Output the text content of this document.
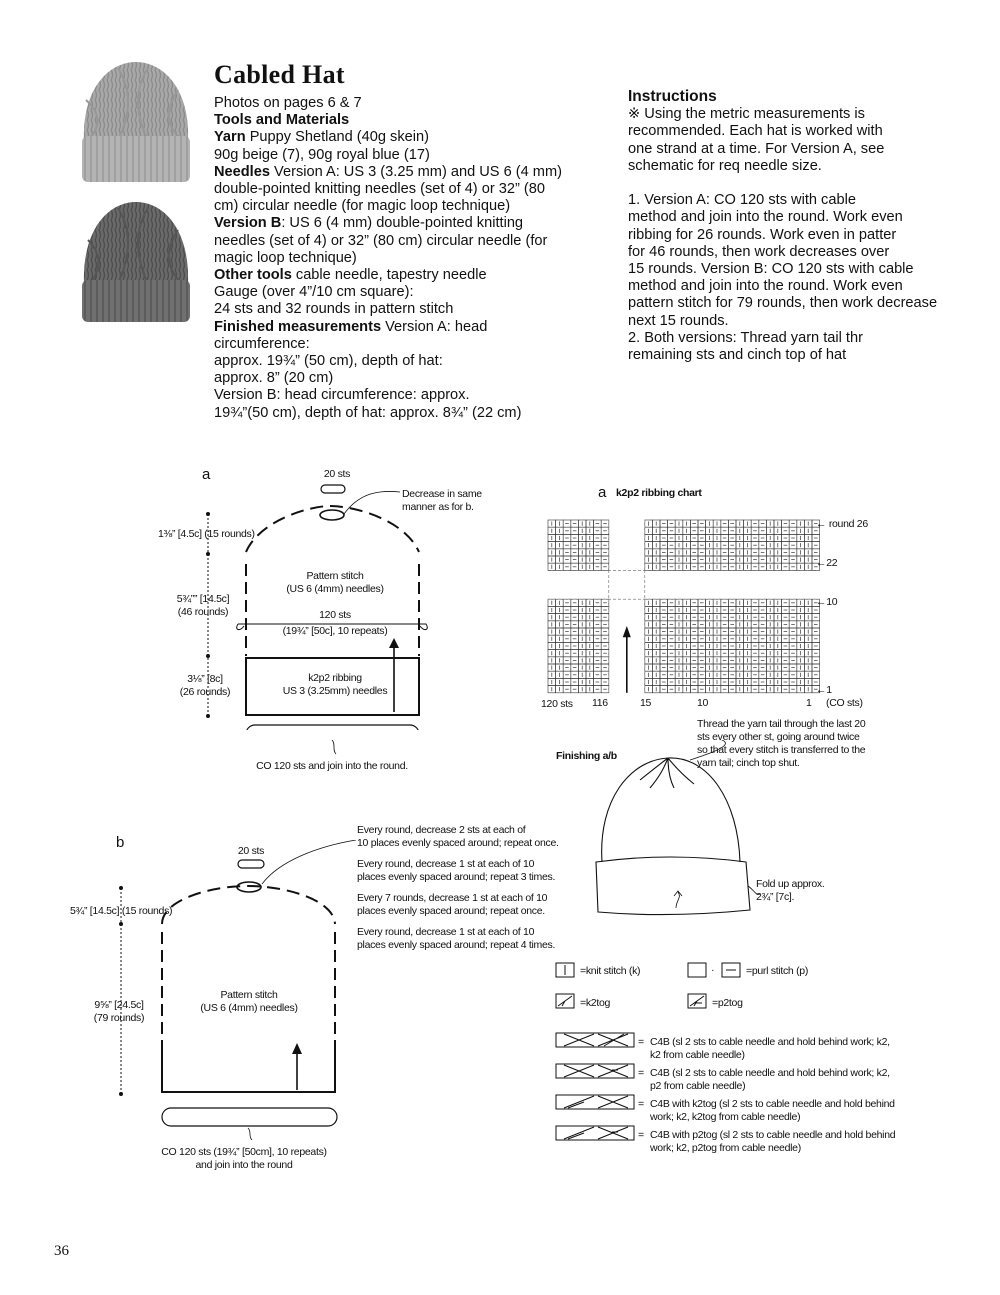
Cabled Hat
Photos on pages 6 & 7
Tools and Materials
Yarn Puppy Shetland (40g skein)
90g beige (7), 90g royal blue (17)
Needles Version A: US 3 (3.25 mm) and US 6 (4 mm)
double-pointed knitting needles (set of 4) or 32” (80
cm) circular needle (for magic loop technique)
Version B: US 6 (4 mm) double-pointed knitting
needles (set of 4) or 32” (80 cm) circular needle (for
magic loop technique)
Other tools cable needle, tapestry needle
Gauge (over 4”/10 cm square):
24 sts and 32 rounds in pattern stitch
Finished measurements Version A: head
circumference:
approx. 19¾” (50 cm), depth of hat:
approx. 8” (20 cm)
Version B: head circumference: approx.
19¾”(50 cm), depth of hat: approx. 8¾” (22 cm)
Instructions
※ Using the metric measurements is
recommended. Each hat is worked with
one strand at a time. For Version A, see
schematic for req needle size.

1. Version A: CO 120 sts with cable
method and join into the round. Work even
ribbing for 26 rounds. Work even in patter
for 46 rounds, then work decreases over
15 rounds. Version B: CO 120 sts with cable
method and join into the round. Work even
pattern stitch for 79 rounds, then work decrease
next 15 rounds.
2. Both versions: Thread yarn tail thr
remaining sts and cinch top of hat
a	20 sts
Decrease in same
manner as for b.
1⅜” [4.5c] (15 rounds)
5¾”” [14.5c]
(46 rounds)
Pattern stitch
(US 6 (4mm) needles)
120 sts
(19¾” [50c], 10 repeats)
3⅛” [8c]
(26 rounds)
k2p2 ribbing
US 3 (3.25mm) needles
CO 120 sts and join into the round.
a k2p2 ribbing chart
← round 26
←22
←10
←1
(CO sts)
120 sts 116	15	10	1
Finishing a/b
Thread the yarn tail through the last 20
sts every other st, going around twice
so that every stitch is transferred to the
yarn tail; cinch top shut.
Fold up approx.
2¾” [7c].
b	20 sts
5¾” [14.5c] (15 rounds)
9⅝” [24.5c]
(79 rounds)
Pattern stitch
(US 6 (4mm) needles)
CO 120 sts (19¾” [50cm], 10 repeats)
and join into the round
Every round, decrease 2 sts at each of
10 places evenly spaced around; repeat once.
Every round, decrease 1 st at each of 10
places evenly spaced around; repeat 3 times.
Every 7 rounds, decrease 1 st at each of 10
places evenly spaced around; repeat once.
Every round, decrease 1 st at each of 10
places evenly spaced around; repeat 4 times.
=knit stitch (k)
=k2tog
·	=purl stitch (p)
=p2tog
= C4B (sl 2 sts to cable needle and hold behind work; k2,
k2 from cable needle)
= C4B (sl 2 sts to cable needle and hold behind work; k2,
p2 from cable needle)
= C4B with k2tog (sl 2 sts to cable needle and hold behind
work; k2, k2tog from cable needle)
= C4B with p2tog (sl 2 sts to cable needle and hold behind
work; k2, p2tog from cable needle)
36
